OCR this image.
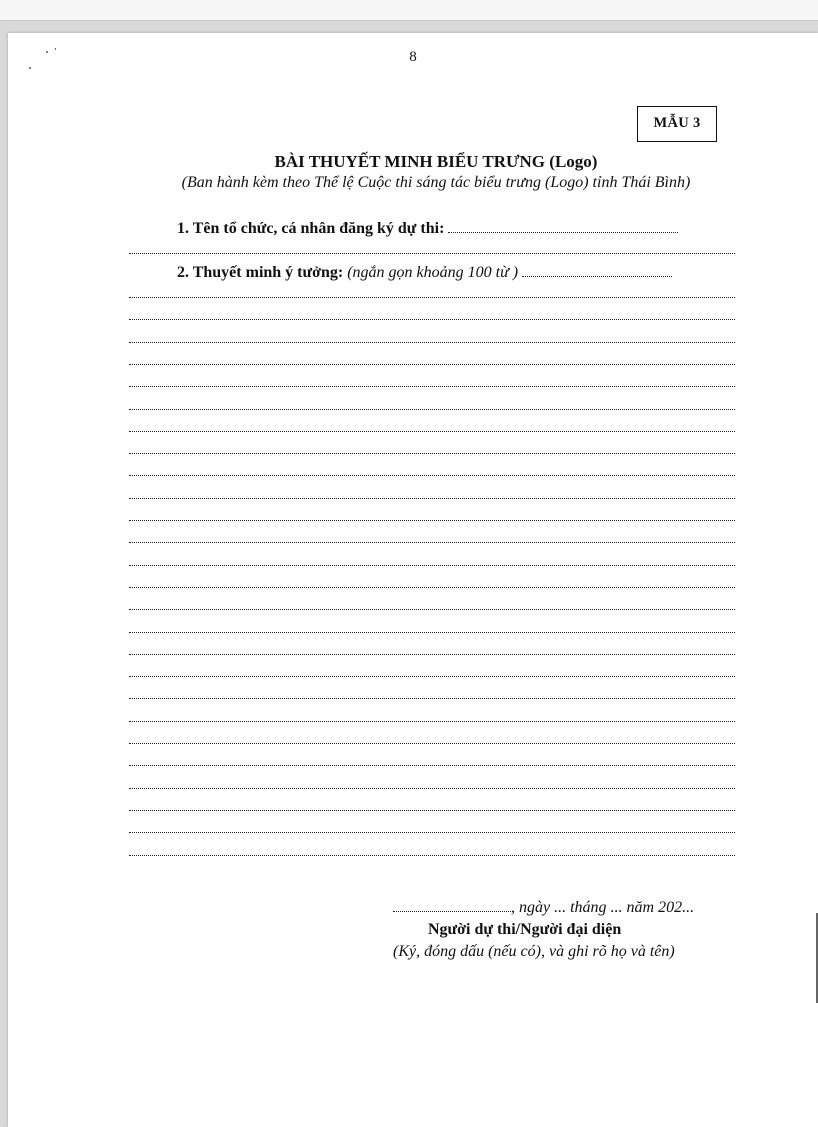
8
MẪU 3
BÀI THUYẾT MINH BIỂU TRƯNG (Logo)
(Ban hành kèm theo Thể lệ Cuộc thi sáng tác biểu trưng (Logo) tỉnh Thái Bình)
1. Tên tổ chức, cá nhân đăng ký dự thi:
2. Thuyết minh ý tưởng: (ngắn gọn khoảng 100 từ )
, ngày ... tháng ... năm 202...
Người dự thi/Người đại diện
(Ký, đóng dấu (nếu có), và ghi rõ họ và tên)
